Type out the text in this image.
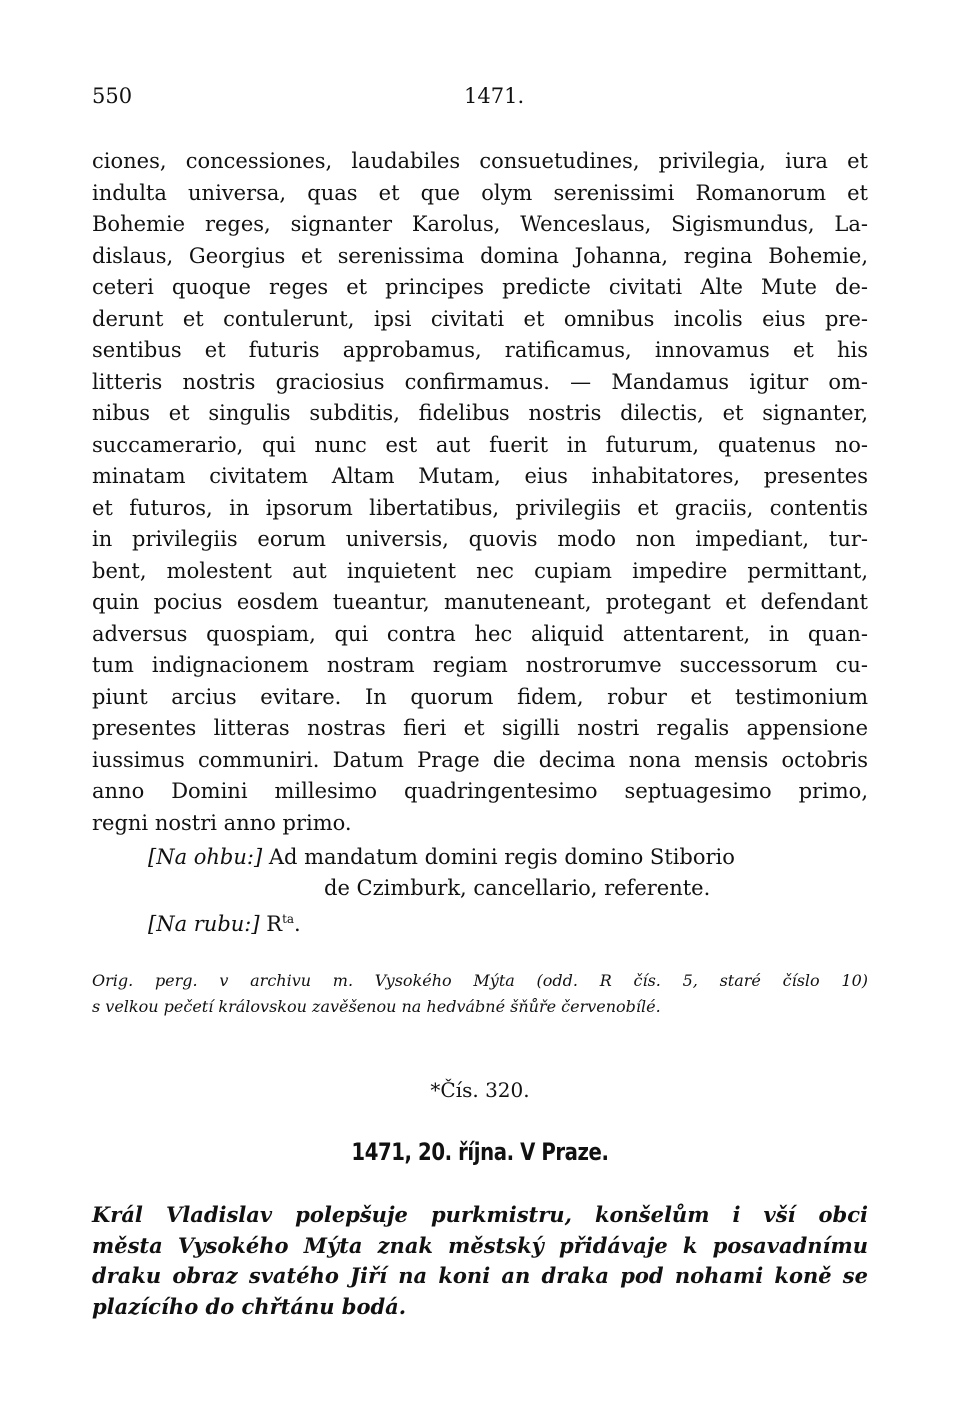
550	1471.
ciones, concessiones, laudabiles consuetudines, privilegia, iura et
indulta universa, quas et que olym serenissimi Romanorum et
Bohemie reges, signanter Karolus, Wenceslaus, Sigismundus, La-
dislaus, Georgius et serenissima domina Johanna, regina Bohemie,
ceteri quoque reges et principes predicte civitati Alte Mute de-
derunt et contulerunt, ipsi civitati et omnibus incolis eius pre-
sentibus et futuris approbamus, ratificamus, innovamus et his
litteris nostris graciosius confirmamus. — Mandamus igitur om-
nibus et singulis subditis, fidelibus nostris dilectis, et signanter,
succamerario, qui nunc est aut fuerit in futurum, quatenus no-
minatam civitatem Altam Mutam, eius inhabitatores, presentes
et futuros, in ipsorum libertatibus, privilegiis et graciis, contentis
in privilegiis eorum universis, quovis modo non impediant, tur-
bent, molestent aut inquietent nec cupiam impedire permittant,
quin pocius eosdem tueantur, manuteneant, protegant et defendant
adversus quospiam, qui contra hec aliquid attentarent, in quan-
tum indignacionem nostram regiam nostrorumve successorum cu-
piunt arcius evitare. In quorum fidem, robur et testimonium
presentes litteras nostras fieri et sigilli nostri regalis appensione
iussimus communiri. Datum Prage die decima nona mensis octobris
anno Domini millesimo quadringentesimo septuagesimo primo,
regni nostri anno primo.
[Na ohbu:] Ad mandatum domini regis domino Stiborio
de Czimburk, cancellario, referente.
[Na rubu:] $R^{ta}$.
Orig. perg. v archivu m. Vysokého Mýta (odd. R čís. 5, staré číslo 10)
s velkou pečetí královskou zavěšenou na hedvábné šňůře červenobílé.
*Čís. 320.
1471, 20. října. V Praze.
Král Vladislav polepšuje purkmistru, konšelům i vší obci
města Vysokého Mýta znak městský přidávaje k posavadnímu
draku obraz svatého Jiří na koni an draka pod nohami koně se
plazícího do chřtánu bodá.
